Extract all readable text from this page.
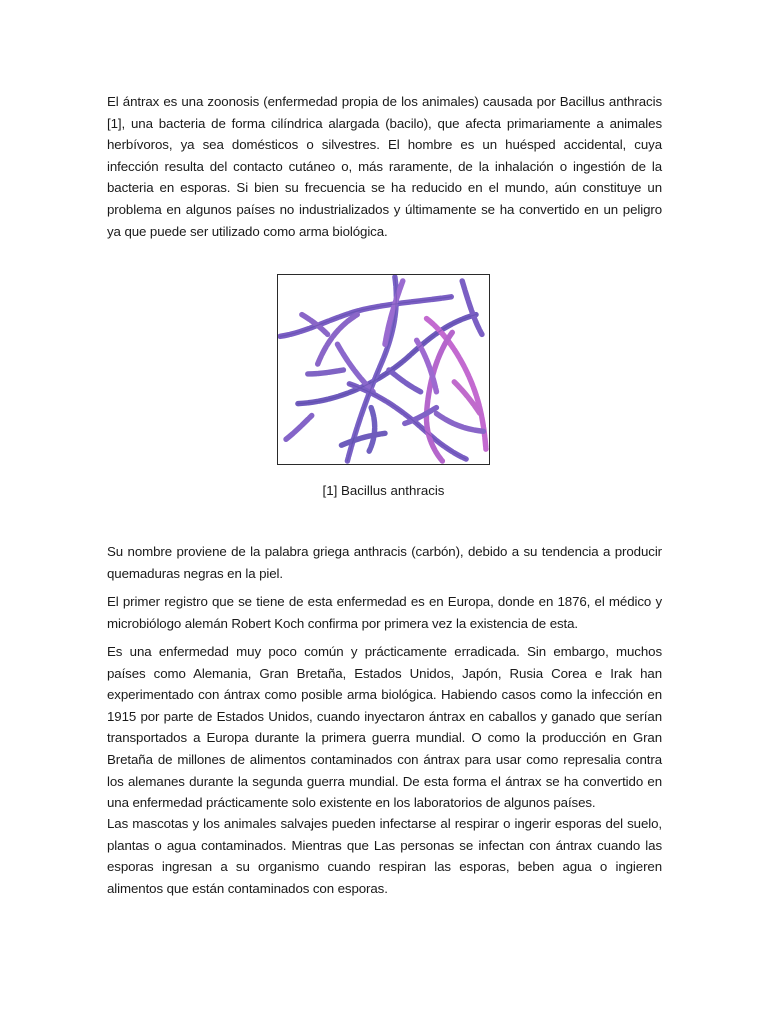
El ántrax es una zoonosis (enfermedad propia de los animales) causada por Bacillus anthracis [1], una bacteria de forma cilíndrica alargada (bacilo), que afecta primariamente a animales herbívoros, ya sea domésticos o silvestres. El hombre es un huésped accidental, cuya infección resulta del contacto cutáneo o, más raramente, de la inhalación o ingestión de la bacteria en esporas. Si bien su frecuencia se ha reducido en el mundo, aún constituye un problema en algunos países no industrializados y últimamente se ha convertido en un peligro ya que puede ser utilizado como arma biológica.

[1] Bacillus anthracis

Su nombre proviene de la palabra griega anthracis (carbón), debido a su tendencia a producir quemaduras negras en la piel.

El primer registro que se tiene de esta enfermedad es en Europa, donde en 1876, el médico y microbiólogo alemán Robert Koch confirma por primera vez la existencia de esta.

Es una enfermedad muy poco común y prácticamente erradicada. Sin embargo, muchos países como Alemania, Gran Bretaña, Estados Unidos, Japón, Rusia Corea e Irak han experimentado con ántrax como posible arma biológica. Habiendo casos como la infección en 1915 por parte de Estados Unidos, cuando inyectaron ántrax en caballos y ganado que serían transportados a Europa durante la primera guerra mundial. O como la producción en Gran Bretaña de millones de alimentos contaminados con ántrax para usar como represalia contra los alemanes durante la segunda guerra mundial. De esta forma el ántrax se ha convertido en una enfermedad prácticamente solo existente en los laboratorios de algunos países.

Las mascotas y los animales salvajes pueden infectarse al respirar o ingerir esporas del suelo, plantas o agua contaminados. Mientras que Las personas se infectan con ántrax cuando las esporas ingresan a su organismo cuando respiran las esporas, beben agua o ingieren alimentos que están contaminados con esporas.
